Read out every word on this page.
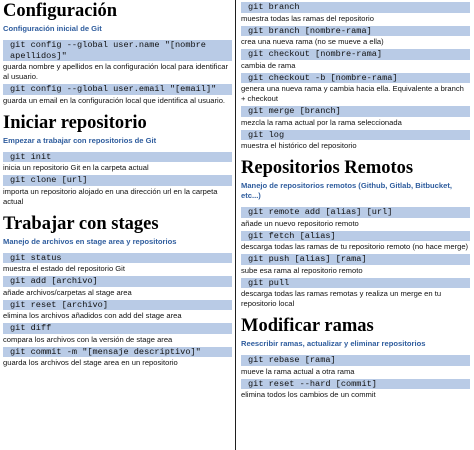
Configuración
Configuración inicial de Git
git config --global user.name "[nombre apellidos]"
guarda nombre y apellidos en la configuración local para identificar al usuario.
git config --global user.email "[email]"
guarda un email en la configuración local que identifica al usuario.
Iniciar repositorio
Empezar a trabajar con repositorios de Git
git init
inicia un repositorio Git en la carpeta actual
git clone [url]
importa un repositorio alojado en una dirección url en la carpeta actual
Trabajar con stages
Manejo de archivos en stage area y repositorios
git status
muestra el estado del repositorio Git
git add [archivo]
añade archivos/carpetas al stage area
git reset [archivo]
elimina los archivos añadidos con add del stage area
git diff
compara los archivos con la versión de stage area
git commit -m "[mensaje descriptivo]"
guarda los archivos del stage area en un repositorio
git branch
muestra todas las ramas del repositorio
git branch [nombre-rama]
crea una nueva rama (no se mueve a ella)
git checkout [nombre-rama]
cambia de rama
git checkout -b [nombre-rama]
genera una nueva rama y cambia hacia ella. Equivalente a branch + checkout
git merge [branch]
mezcla la rama actual por la rama seleccionada
git log
muestra el histórico del repositorio
Repositorios Remotos
Manejo de repositorios remotos (Github, Gitlab, Bitbucket, etc...)
git remote add [alias] [url]
añade un nuevo repositorio remoto
git fetch [alias]
descarga todas las ramas de tu repositorio remoto (no hace merge)
git push [alias] [rama]
sube esa rama al repositorio remoto
git pull
descarga todas las ramas remotas y realiza un merge en tu repositorio local
Modificar ramas
Reescribir ramas, actualizar y eliminar repositorios
git rebase [rama]
mueve la rama actual a otra rama
git reset --hard [commit]
elimina todos los cambios de un commit
